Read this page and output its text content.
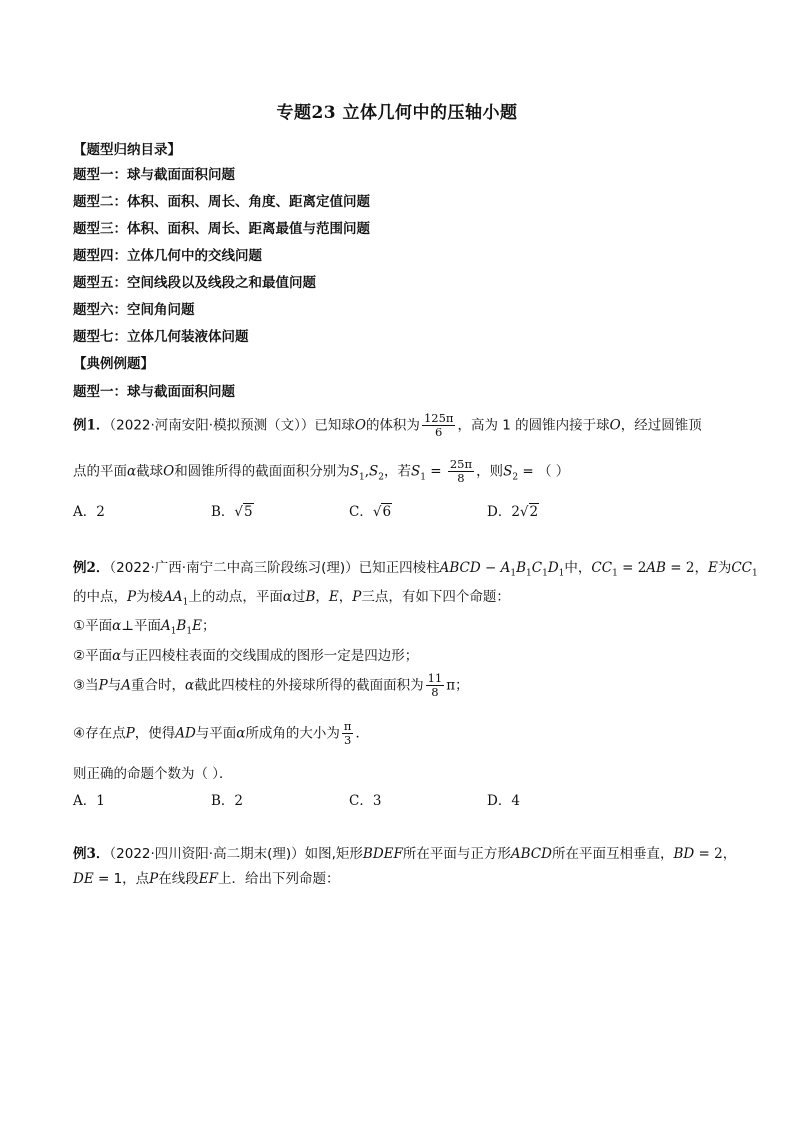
专题23 立体几何中的压轴小题
【题型归纳目录】
题型一：球与截面面积问题
题型二：体积、面积、周长、角度、距离定值问题
题型三：体积、面积、周长、距离最值与范围问题
题型四：立体几何中的交线问题
题型五：空间线段以及线段之和最值问题
题型六：空间角问题
题型七：立体几何装液体问题
【典例例题】
题型一：球与截面面积问题
例1．（2022·河南安阳·模拟预测（文））已知球O的体积为 $\frac{125\pi}{6}$ ，高为 1 的圆锥内接于球O，经过圆锥顶
点的平面α截球O和圆锥所得的截面面积分别为$S_1,S_2$，若$S_1 = \frac{25\pi}{8}$ ，则$S_2$ = （ ）
A．2	B．√5	C．√6	D．2√2
例2．（2022·广西·南宁二中高三阶段练习(理)）已知正四棱柱ABCD − $A_1B_1C_1D_1$中，$CC_1 = 2AB = 2$，E为$CC_1$
的中点，P为棱$AA_1$上的动点，平面α过B，E，P三点，有如下四个命题：
①平面α⊥平面$A_1B_1E$；
②平面α与正四棱柱表面的交线围成的图形一定是四边形；
③当P与A重合时，α截此四棱柱的外接球所得的截面面积为 $\frac{11}{8}$ π；
④存在点P，使得AD与平面α所成角的大小为 $\frac{\pi}{3}$ ．
则正确的命题个数为（ ）．
A．1	B．2	C．3	D．4
例3．（2022·四川资阳·高二期末(理)）如图,矩形BDEF所在平面与正方形ABCD所在平面互相垂直，BD = 2，
DE = 1，点P在线段EF上．给出下列命题：
